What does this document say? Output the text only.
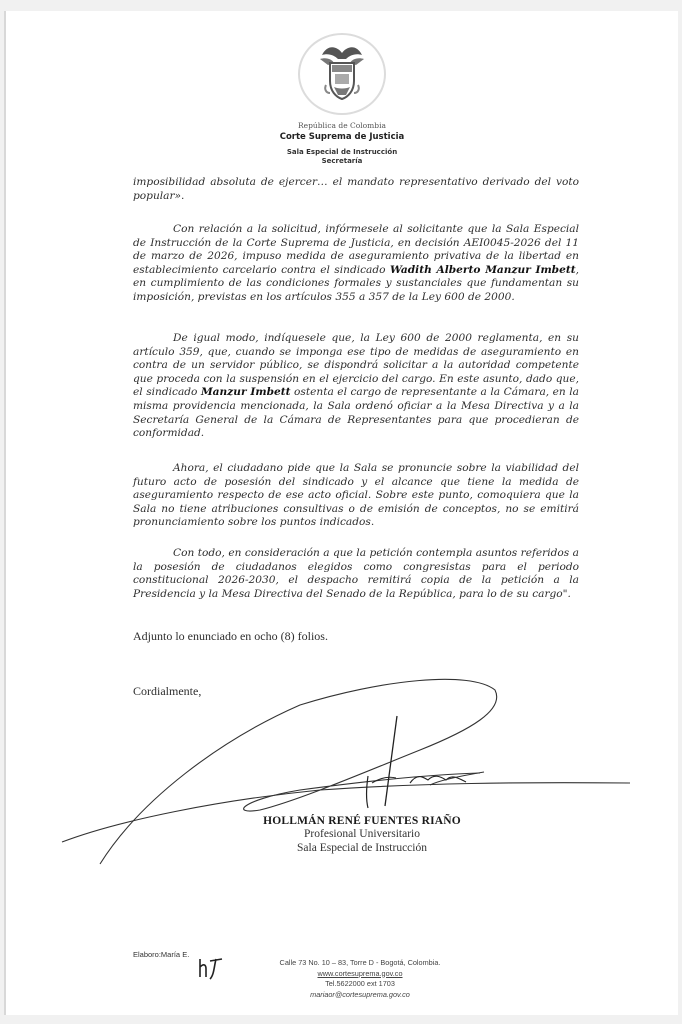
República de Colombia
Corte Suprema de Justicia
Sala Especial de Instrucción
Secretaría

imposibilidad absoluta de ejercer… el mandato representativo derivado del voto popular».

Con relación a la solicitud, infórmesele al solicitante que la Sala Especial de Instrucción de la Corte Suprema de Justicia, en decisión AEI0045-2026 del 11 de marzo de 2026, impuso medida de aseguramiento privativa de la libertad en establecimiento carcelario contra el sindicado Wadith Alberto Manzur Imbett, en cumplimiento de las condiciones formales y sustanciales que fundamentan su imposición, previstas en los artículos 355 a 357 de la Ley 600 de 2000.

De igual modo, indíquesele que, la Ley 600 de 2000 reglamenta, en su artículo 359, que, cuando se imponga ese tipo de medidas de aseguramiento en contra de un servidor público, se dispondrá solicitar a la autoridad competente que proceda con la suspensión en el ejercicio del cargo. En este asunto, dado que, el sindicado Manzur Imbett ostenta el cargo de representante a la Cámara, en la misma providencia mencionada, la Sala ordenó oficiar a la Mesa Directiva y a la Secretaría General de la Cámara de Representantes para que procedieran de conformidad.

Ahora, el ciudadano pide que la Sala se pronuncie sobre la viabilidad del futuro acto de posesión del sindicado y el alcance que tiene la medida de aseguramiento respecto de ese acto oficial. Sobre este punto, comoquiera que la Sala no tiene atribuciones consultivas o de emisión de conceptos, no se emitirá pronunciamiento sobre los puntos indicados.

Con todo, en consideración a que la petición contempla asuntos referidos a la posesión de ciudadanos elegidos como congresistas para el periodo constitucional 2026-2030, el despacho remitirá copia de la petición a la Presidencia y la Mesa Directiva del Senado de la República, para lo de su cargo".

Adjunto lo enunciado en ocho (8) folios.
Cordialmente,
HOLLMÁN RENÉ FUENTES RIAÑO
Profesional Universitario
Sala Especial de Instrucción
Elaboro:María E.
Calle 73 No. 10 – 83, Torre D - Bogotá, Colombia.
www.cortesuprema.gov.co
Tel.5622000 ext 1703
mariaor@cortesuprema.gov.co
